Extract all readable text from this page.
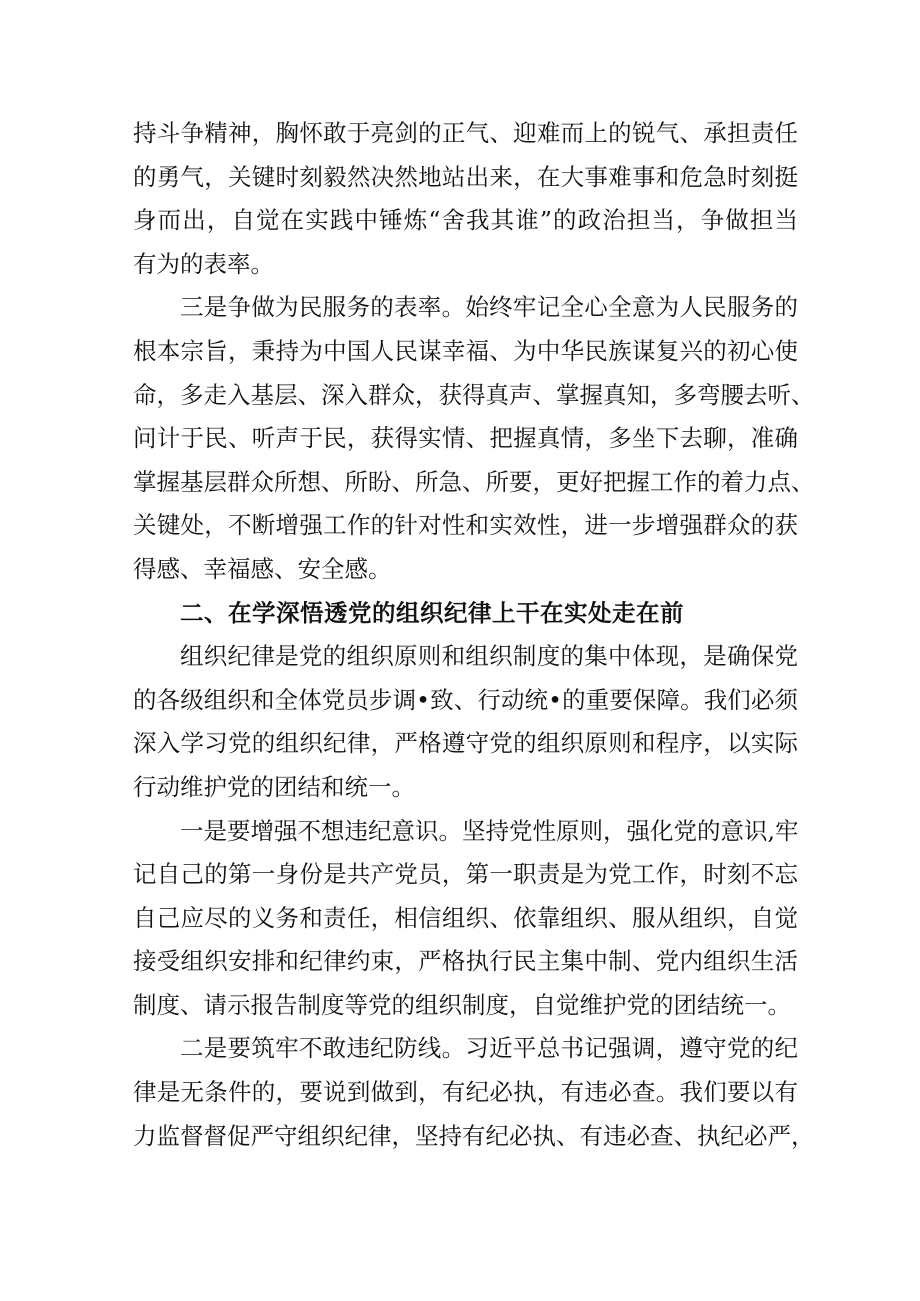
持斗争精神，胸怀敢于亮剑的正气、迎难而上的锐气、承担责任
的勇气，关键时刻毅然决然地站出来，在大事难事和危急时刻挺
身而出，自觉在实践中锤炼“舍我其谁”的政治担当，争做担当
有为的表率。
三是争做为民服务的表率。始终牢记全心全意为人民服务的
根本宗旨，秉持为中国人民谋幸福、为中华民族谋复兴的初心使
命，多走入基层、深入群众，获得真声、掌握真知，多弯腰去听、
问计于民、听声于民，获得实情、把握真情，多坐下去聊，准确
掌握基层群众所想、所盼、所急、所要，更好把握工作的着力点、
关键处，不断增强工作的针对性和实效性，进一步增强群众的获
得感、幸福感、安全感。
二、在学深悟透党的组织纪律上干在实处走在前
组织纪律是党的组织原则和组织制度的集中体现，是确保党
的各级组织和全体党员步调•致、行动统•的重要保障。我们必须
深入学习党的组织纪律，严格遵守党的组织原则和程序，以实际
行动维护党的团结和统一。
一是要增强不想违纪意识。坚持党性原则，强化党的意识,牢
记自己的第一身份是共产党员，第一职责是为党工作，时刻不忘
自己应尽的义务和责任，相信组织、依靠组织、服从组织，自觉
接受组织安排和纪律约束，严格执行民主集中制、党内组织生活
制度、请示报告制度等党的组织制度，自觉维护党的团结统一。
二是要筑牢不敢违纪防线。习近平总书记强调，遵守党的纪
律是无条件的，要说到做到，有纪必执，有违必查。我们要以有
力监督督促严守组织纪律，坚持有纪必执、有违必查、执纪必严，
